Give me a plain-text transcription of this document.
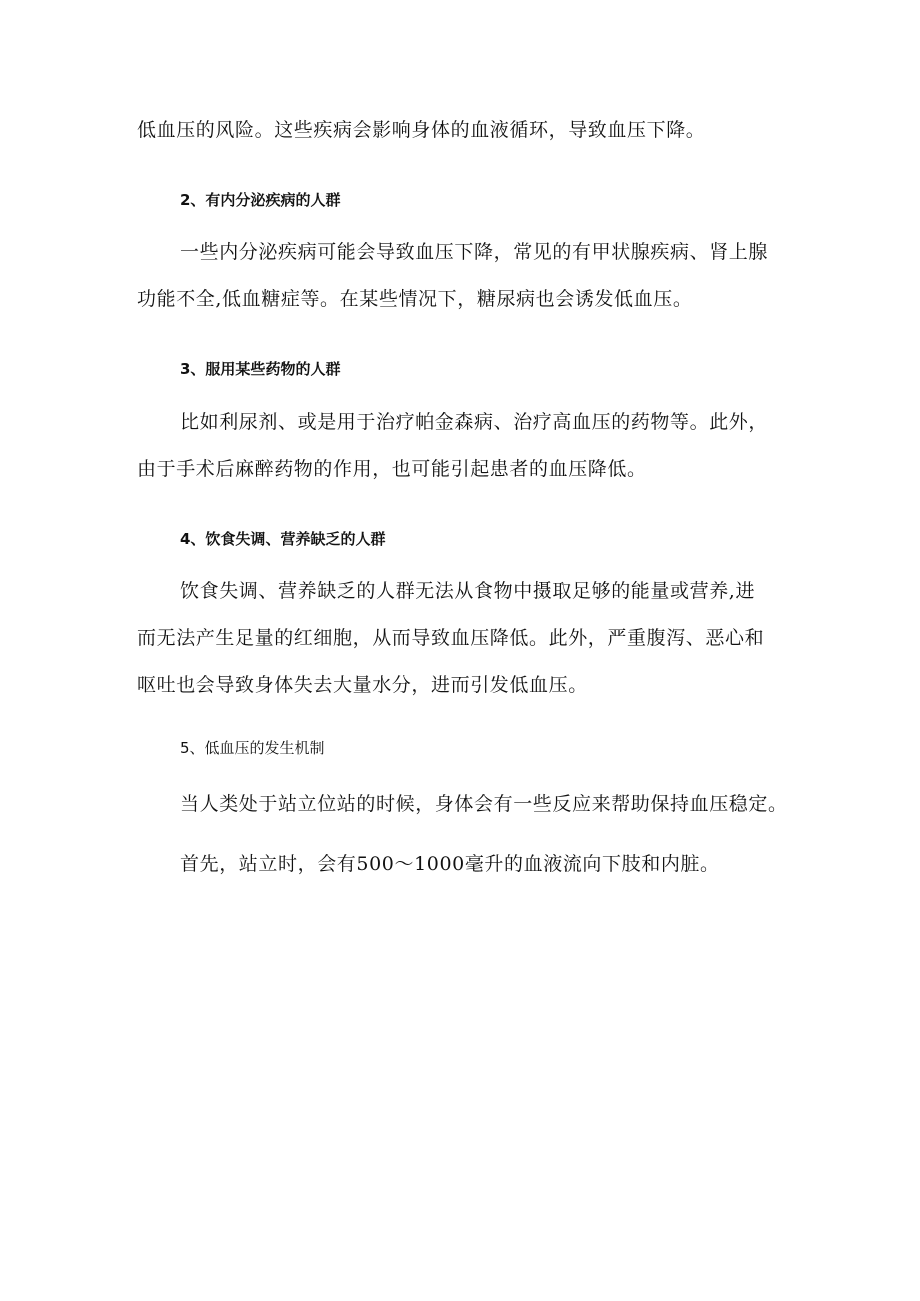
低血压的风险。这些疾病会影响身体的血液循环，导致血压下降。
2、有内分泌疾病的人群
一些内分泌疾病可能会导致血压下降，常见的有甲状腺疾病、肾上腺
功能不全,低血糖症等。在某些情况下，糖尿病也会诱发低血压。
3、服用某些药物的人群
比如利尿剂、或是用于治疗帕金森病、治疗高血压的药物等。此外，
由于手术后麻醉药物的作用，也可能引起患者的血压降低。
4、饮食失调、营养缺乏的人群
饮食失调、营养缺乏的人群无法从食物中摄取足够的能量或营养,进
而无法产生足量的红细胞，从而导致血压降低。此外，严重腹泻、恶心和
呕吐也会导致身体失去大量水分，进而引发低血压。
5、低血压的发生机制
当人类处于站立位站的时候，身体会有一些反应来帮助保持血压稳定。
首先，站立时，会有500～1000毫升的血液流向下肢和内脏。
